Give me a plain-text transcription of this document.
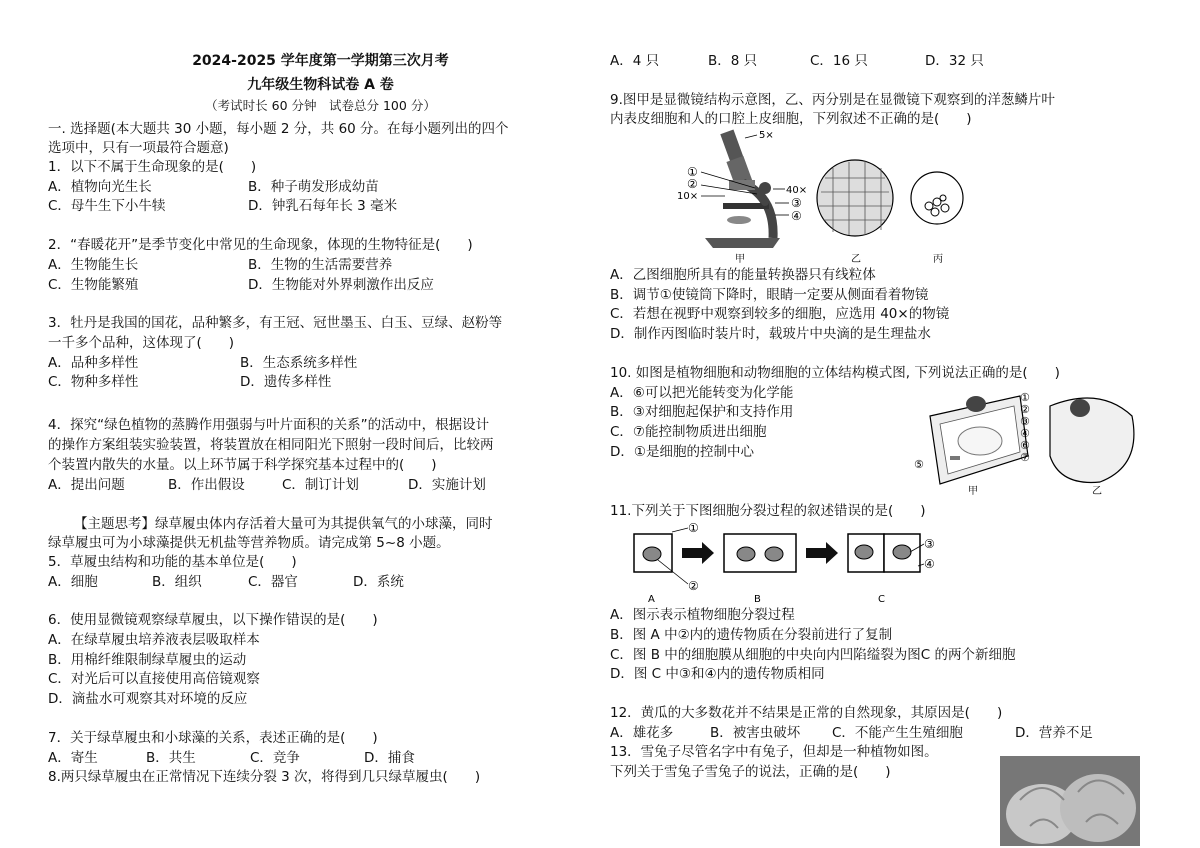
2024-2025 学年度第一学期第三次月考
九年级生物科试卷 A 卷
（考试时长 60 分钟　试卷总分 100 分）
一. 选择题(本大题共 30 小题，每小题 2 分，共 60 分。在每小题列出的四个
选项中，只有一项最符合题意)
1．以下不属于生命现象的是(　　)
A．植物向光生长	B．种子萌发形成幼苗
C．母牛生下小牛犊	D．钟乳石每年长 3 毫米
2．“春暖花开”是季节变化中常见的生命现象，体现的生物特征是(　　)
A．生物能生长	B．生物的生活需要营养
C．生物能繁殖	D．生物能对外界刺激作出反应
3．牡丹是我国的国花，品种繁多，有王冠、冠世墨玉、白玉、豆绿、赵粉等
一千多个品种，这体现了(　　)
A．品种多样性	B．生态系统多样性
C．物种多样性	D．遗传多样性
4．探究“绿色植物的蒸腾作用强弱与叶片面积的关系”的活动中，根据设计
的操作方案组装实验装置，将装置放在相同阳光下照射一段时间后，比较两
个装置内散失的水量。以上环节属于科学探究基本过程中的(　　)
A．提出问题	B．作出假设	C．制订计划	D．实施计划
【主题思考】绿草履虫体内存活着大量可为其提供氧气的小球藻，同时
绿草履虫可为小球藻提供无机盐等营养物质。请完成第 5~8 小题。
5．草履虫结构和功能的基本单位是(　　)
A．细胞	B．组织	C．器官	D．系统
6．使用显微镜观察绿草履虫，以下操作错误的是(　　)
A．在绿草履虫培养液表层吸取样本
B．用棉纤维限制绿草履虫的运动
C．对光后可以直接使用高倍镜观察
D．滴盐水可观察其对环境的反应
7．关于绿草履虫和小球藻的关系，表述正确的是(　　)
A．寄生	B．共生	C．竞争	D．捕食
8.两只绿草履虫在正常情况下连续分裂 3 次，将得到几只绿草履虫(　　)
A．4 只	B．8 只	C．16 只	D．32 只
9.图甲是显微镜结构示意图，乙、丙分别是在显微镜下观察到的洋葱鳞片叶
内表皮细胞和人的口腔上皮细胞，下列叙述不正确的是(　　)
①
②
③
④
5×
40×
10×
甲	乙	丙
A．乙图细胞所具有的能量转换器只有线粒体
B．调节①使镜筒下降时，眼睛一定要从侧面看着物镜
C．若想在视野中观察到较多的细胞，应选用 40×的物镜
D．制作丙图临时装片时，载玻片中央滴的是生理盐水
10. 如图是植物细胞和动物细胞的立体结构模式图, 下列说法正确的是(　　)
A．⑥可以把光能转变为化学能
B．③对细胞起保护和支持作用
C．⑦能控制物质进出细胞
D．①是细胞的控制中心
①
②
③
④
⑥
⑦
⑤
甲	乙
11.下列关于下图细胞分裂过程的叙述错误的是(　　)
①
②
③
④
A	B	C
A．图示表示植物细胞分裂过程
B．图 A 中②内的遗传物质在分裂前进行了复制
C．图 B 中的细胞膜从细胞的中央向内凹陷缢裂为图C 的两个新细胞
D．图 C 中③和④内的遗传物质相同
12．黄瓜的大多数花并不结果是正常的自然现象，其原因是(　　)
A．雄花多	B．被害虫破坏 C．不能产生生殖细胞	D．营养不足
13．雪兔子尽管名字中有兔子，但却是一种植物如图。
下列关于雪兔子雪兔子的说法，正确的是(　　)
